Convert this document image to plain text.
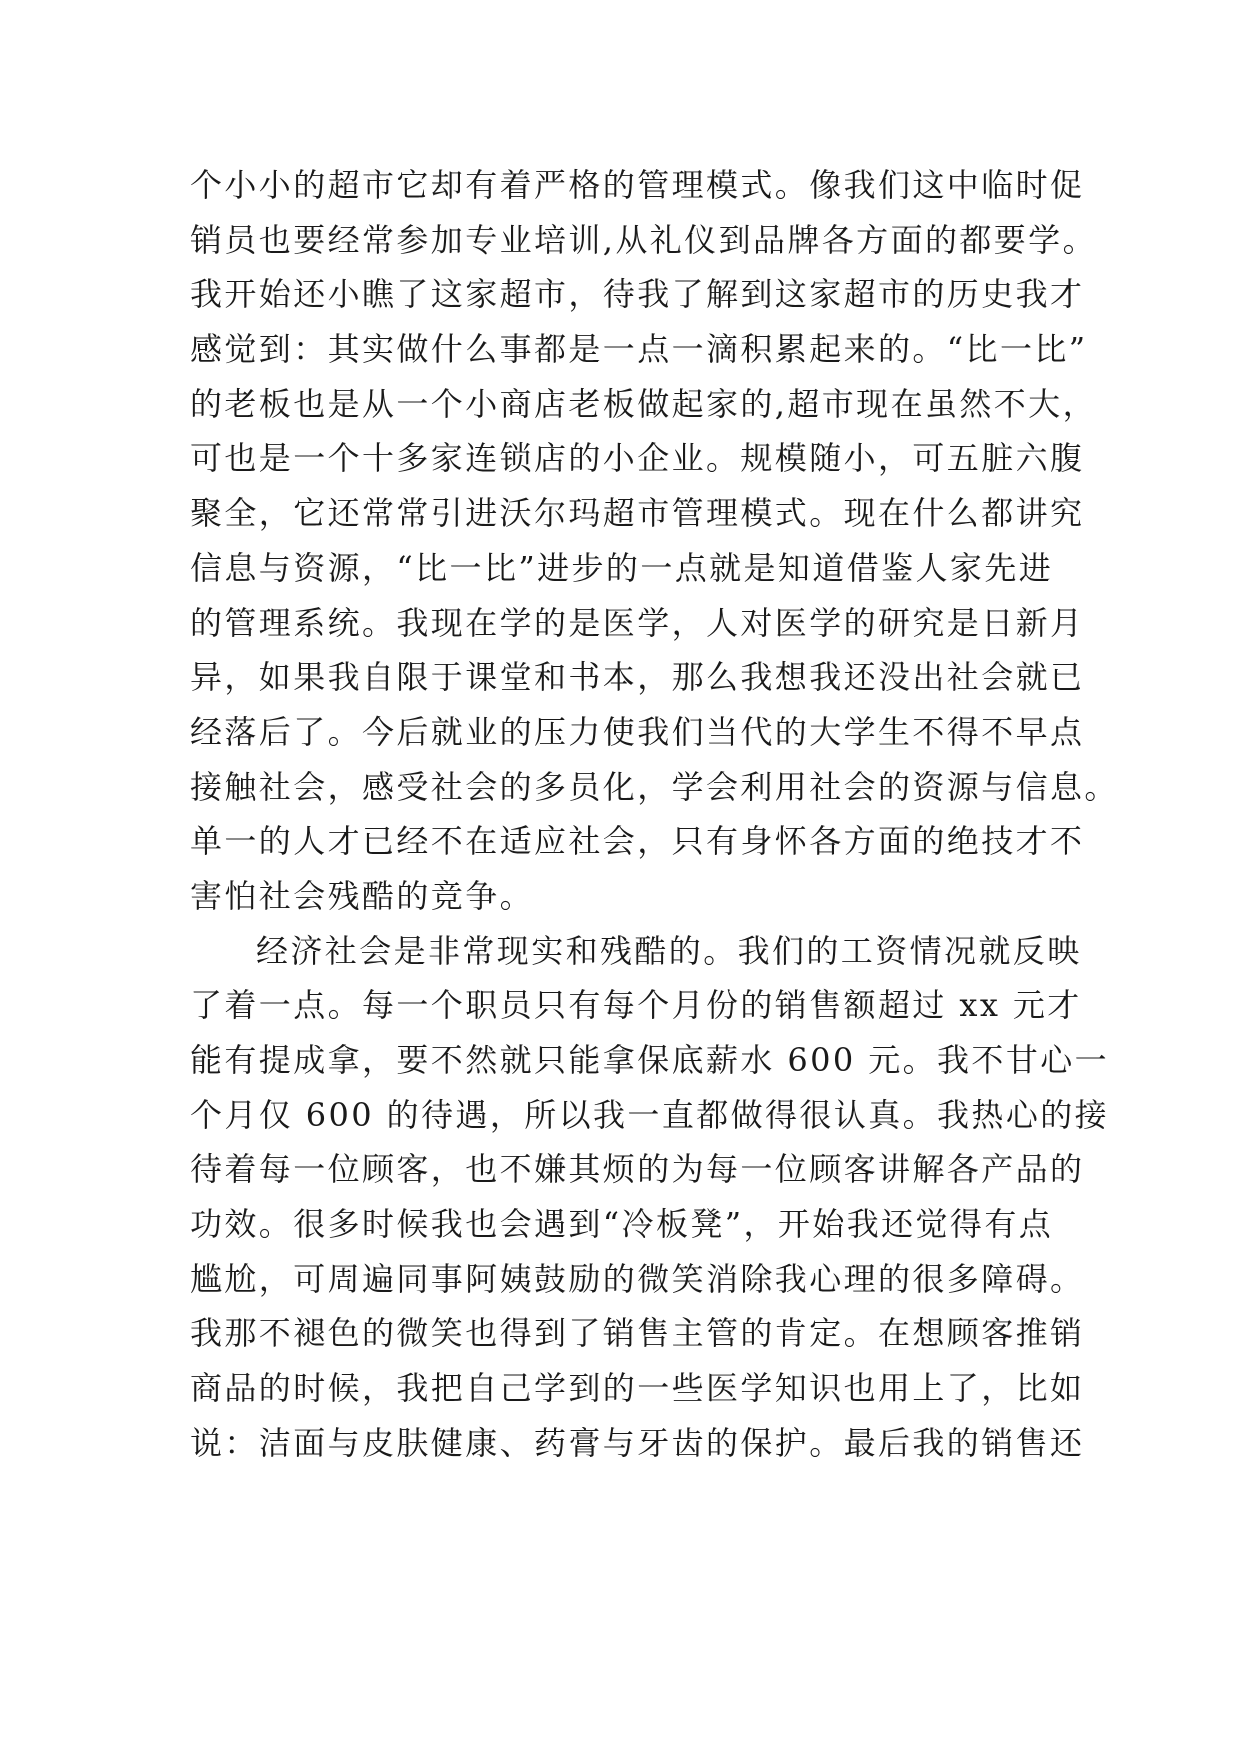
个小小的超市它却有着严格的管理模式。像我们这中临时促
销员也要经常参加专业培训,从礼仪到品牌各方面的都要学。
我开始还小瞧了这家超市，待我了解到这家超市的历史我才
感觉到：其实做什么事都是一点一滴积累起来的。“比一比”
的老板也是从一个小商店老板做起家的,超市现在虽然不大，
可也是一个十多家连锁店的小企业。规模随小，可五脏六腹
聚全，它还常常引进沃尔玛超市管理模式。现在什么都讲究
信息与资源，“比一比”进步的一点就是知道借鉴人家先进
的管理系统。我现在学的是医学，人对医学的研究是日新月
异，如果我自限于课堂和书本，那么我想我还没出社会就已
经落后了。今后就业的压力使我们当代的大学生不得不早点
接触社会，感受社会的多员化，学会利用社会的资源与信息。
单一的人才已经不在适应社会，只有身怀各方面的绝技才不
害怕社会残酷的竞争。
经济社会是非常现实和残酷的。我们的工资情况就反映
了着一点。每一个职员只有每个月份的销售额超过 xx 元才
能有提成拿，要不然就只能拿保底薪水 600 元。我不甘心一
个月仅 600 的待遇，所以我一直都做得很认真。我热心的接
待着每一位顾客，也不嫌其烦的为每一位顾客讲解各产品的
功效。很多时候我也会遇到“冷板凳”，开始我还觉得有点
尴尬，可周遍同事阿姨鼓励的微笑消除我心理的很多障碍。
我那不褪色的微笑也得到了销售主管的肯定。在想顾客推销
商品的时候，我把自己学到的一些医学知识也用上了，比如
说：洁面与皮肤健康、药膏与牙齿的保护。最后我的销售还
